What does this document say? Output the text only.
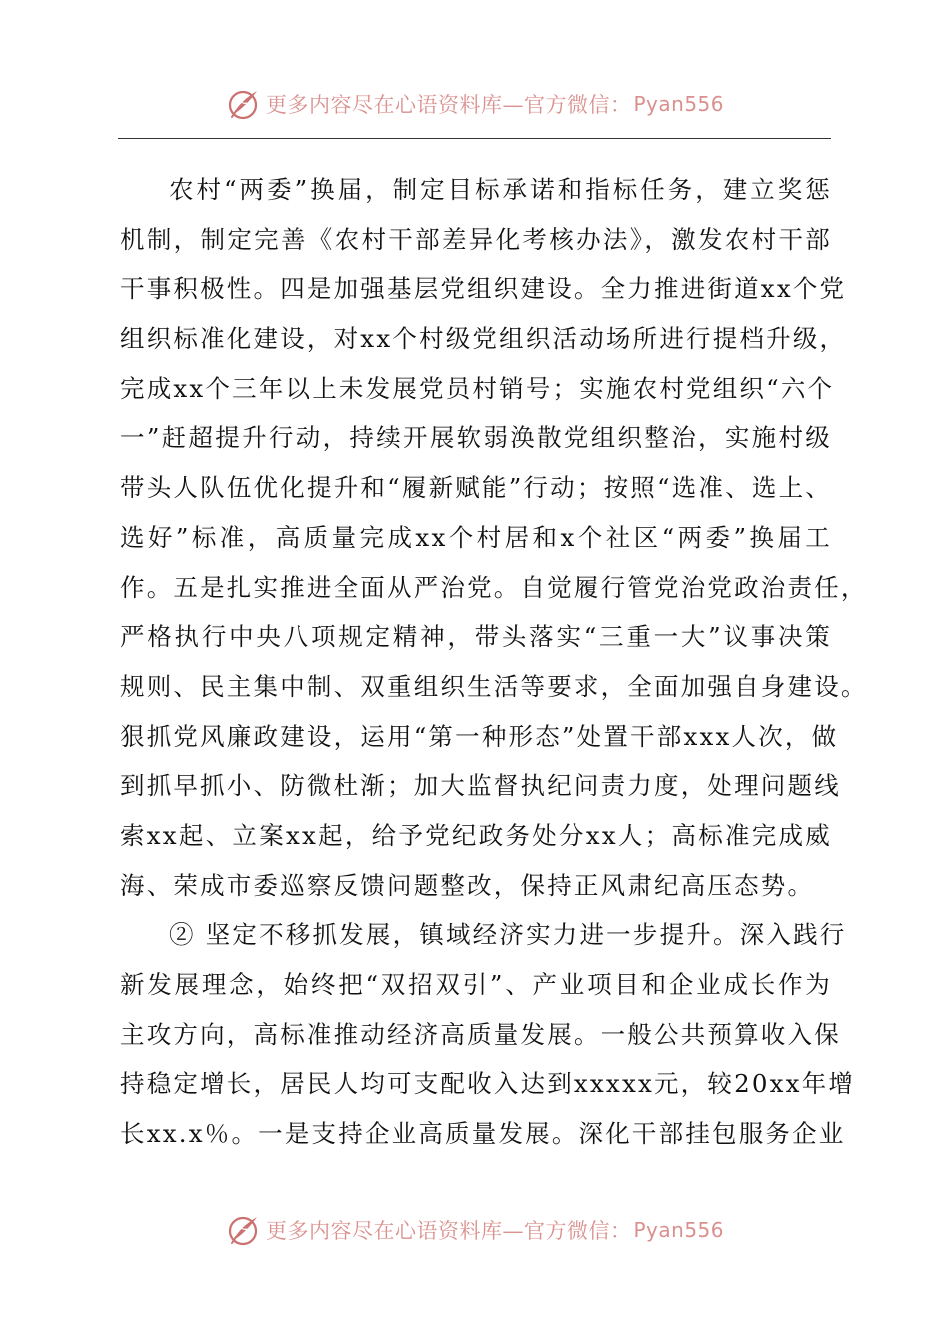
更多内容尽在心语资料库—官方微信： Pyan556
农村“两委”换届，制定目标承诺和指标任务，建立奖惩
机制，制定完善《农村干部差异化考核办法》，激发农村干部
干事积极性。四是加强基层党组织建设。全力推进街道xx个党
组织标准化建设，对xx个村级党组织活动场所进行提档升级，
完成xx个三年以上未发展党员村销号；实施农村党组织“六个
一”赶超提升行动，持续开展软弱涣散党组织整治，实施村级
带头人队伍优化提升和“履新赋能”行动；按照“选准、选上、
选好”标准，高质量完成xx个村居和x个社区“两委”换届工
作。五是扎实推进全面从严治党。自觉履行管党治党政治责任，
严格执行中央八项规定精神，带头落实“三重一大”议事决策
规则、民主集中制、双重组织生活等要求，全面加强自身建设。
狠抓党风廉政建设，运用“第一种形态”处置干部xxx人次，做
到抓早抓小、防微杜渐；加大监督执纪问责力度，处理问题线
索xx起、立案xx起，给予党纪政务处分xx人；高标准完成威
海、荣成市委巡察反馈问题整改，保持正风肃纪高压态势。
② 坚定不移抓发展，镇域经济实力进一步提升。深入践行
新发展理念，始终把“双招双引”、产业项目和企业成长作为
主攻方向，高标准推动经济高质量发展。一般公共预算收入保
持稳定增长，居民人均可支配收入达到xxxxx元，较20xx年增
长xx.x％。一是支持企业高质量发展。深化干部挂包服务企业
更多内容尽在心语资料库—官方微信： Pyan556
